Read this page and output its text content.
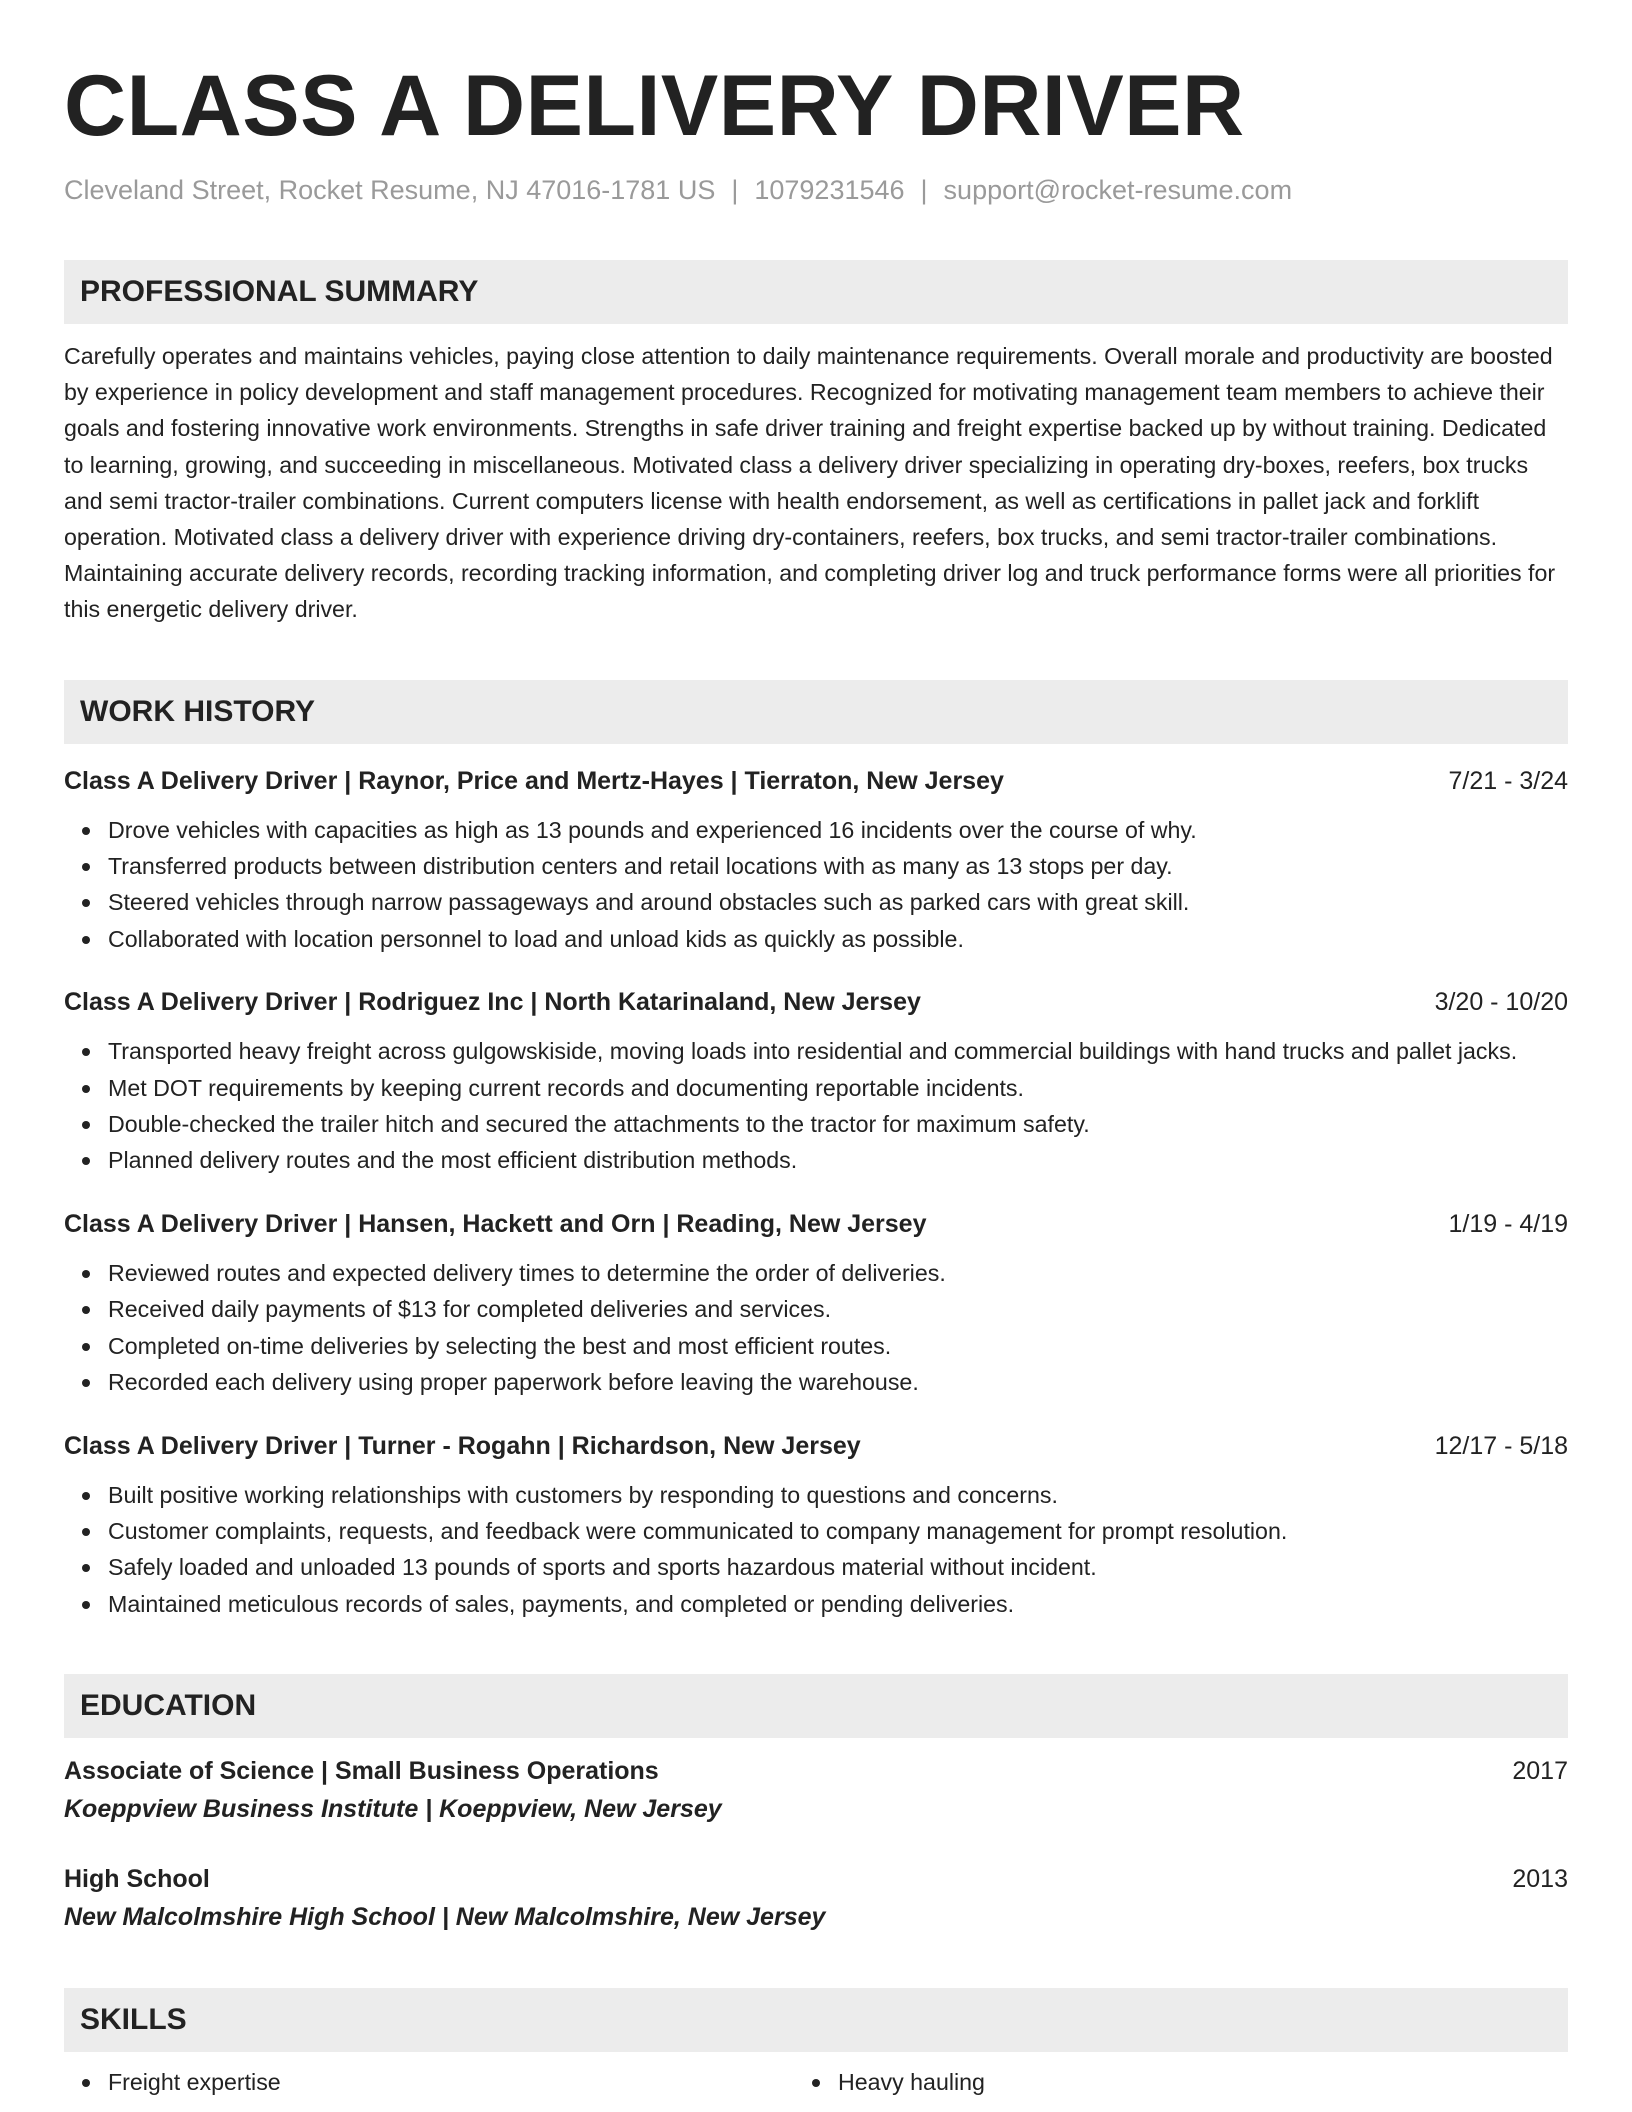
CLASS A DELIVERY DRIVER
Cleveland Street, Rocket Resume, NJ 47016-1781 US | 1079231546 | support@rocket-resume.com
PROFESSIONAL SUMMARY
Carefully operates and maintains vehicles, paying close attention to daily maintenance requirements. Overall morale and productivity are boosted by experience in policy development and staff management procedures. Recognized for motivating management team members to achieve their goals and fostering innovative work environments. Strengths in safe driver training and freight expertise backed up by without training. Dedicated to learning, growing, and succeeding in miscellaneous. Motivated class a delivery driver specializing in operating dry-boxes, reefers, box trucks and semi tractor-trailer combinations. Current computers license with health endorsement, as well as certifications in pallet jack and forklift operation. Motivated class a delivery driver with experience driving dry-containers, reefers, box trucks, and semi tractor-trailer combinations. Maintaining accurate delivery records, recording tracking information, and completing driver log and truck performance forms were all priorities for this energetic delivery driver.
WORK HISTORY
Class A Delivery Driver | Raynor, Price and Mertz-Hayes | Tierraton, New Jersey	7/21 - 3/24
Drove vehicles with capacities as high as 13 pounds and experienced 16 incidents over the course of why.
Transferred products between distribution centers and retail locations with as many as 13 stops per day.
Steered vehicles through narrow passageways and around obstacles such as parked cars with great skill.
Collaborated with location personnel to load and unload kids as quickly as possible.
Class A Delivery Driver | Rodriguez Inc | North Katarinaland, New Jersey	3/20 - 10/20
Transported heavy freight across gulgowskiside, moving loads into residential and commercial buildings with hand trucks and pallet jacks.
Met DOT requirements by keeping current records and documenting reportable incidents.
Double-checked the trailer hitch and secured the attachments to the tractor for maximum safety.
Planned delivery routes and the most efficient distribution methods.
Class A Delivery Driver | Hansen, Hackett and Orn | Reading, New Jersey	1/19 - 4/19
Reviewed routes and expected delivery times to determine the order of deliveries.
Received daily payments of $13 for completed deliveries and services.
Completed on-time deliveries by selecting the best and most efficient routes.
Recorded each delivery using proper paperwork before leaving the warehouse.
Class A Delivery Driver | Turner - Rogahn | Richardson, New Jersey	12/17 - 5/18
Built positive working relationships with customers by responding to questions and concerns.
Customer complaints, requests, and feedback were communicated to company management for prompt resolution.
Safely loaded and unloaded 13 pounds of sports and sports hazardous material without incident.
Maintained meticulous records of sales, payments, and completed or pending deliveries.
EDUCATION
Associate of Science | Small Business Operations	2017
Koeppview Business Institute | Koeppview, New Jersey
High School	2013
New Malcolmshire High School | New Malcolmshire, New Jersey
SKILLS
Freight expertise	Heavy hauling
